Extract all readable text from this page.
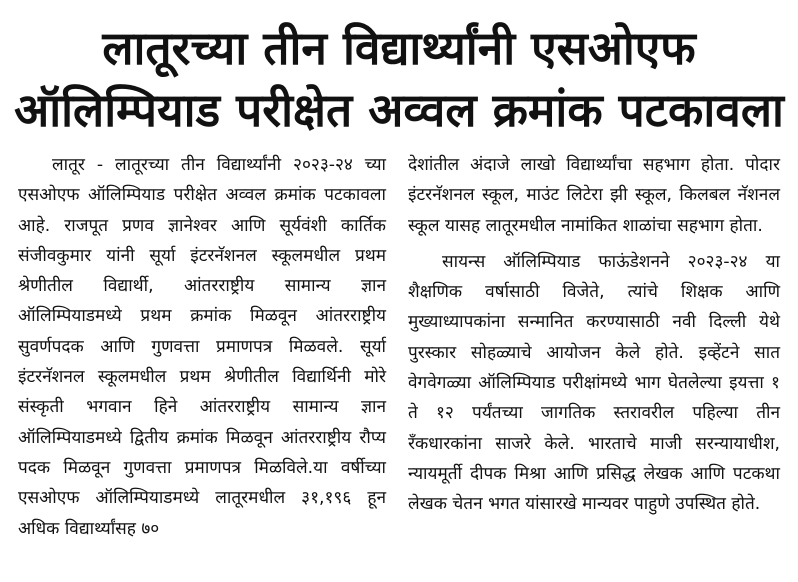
लातूरच्या तीन विद्यार्थ्यांनी एसओएफ
ऑलिम्पियाड परीक्षेत अव्वल क्रमांक पटकावला

लातूर - लातूरच्या तीन विद्यार्थ्यांनी २०२३-२४ च्या एसओएफ ऑलिम्पियाड परीक्षेत अव्वल क्रमांक पटकावला आहे. राजपूत प्रणव ज्ञानेश्वर आणि सूर्यवंशी कार्तिक संजीवकुमार यांनी सूर्या इंटरनॅशनल स्कूलमधील प्रथम श्रेणीतील विद्यार्थी, आंतरराष्ट्रीय सामान्य ज्ञान ऑलिम्पियाडमध्ये प्रथम क्रमांक मिळवून आंतरराष्ट्रीय सुवर्णपदक आणि गुणवत्ता प्रमाणपत्र मिळवले. सूर्या इंटरनॅशनल स्कूलमधील प्रथम श्रेणीतील विद्यार्थिनी मोरे संस्कृती भगवान हिने आंतरराष्ट्रीय सामान्य ज्ञान ऑलिम्पियाडमध्ये द्वितीय क्रमांक मिळवून आंतरराष्ट्रीय रौप्य पदक मिळवून गुणवत्ता प्रमाणपत्र मिळविले.या वर्षीच्या एसओएफ ऑलिम्पियाडमध्ये लातूरमधील ३१,१९६ हून अधिक विद्यार्थ्यांसह ७०

देशांतील अंदाजे लाखो विद्यार्थ्यांचा सहभाग होता. पोदार इंटरनॅशनल स्कूल, माउंट लिटेरा झी स्कूल, किलबल नॅशनल स्कूल यासह लातूरमधील नामांकित शाळांचा सहभाग होता.

सायन्स ऑलिम्पियाड फाऊंडेशनने २०२३-२४ या शैक्षणिक वर्षासाठी विजेते, त्यांचे शिक्षक आणि मुख्याध्यापकांना सन्मानित करण्यासाठी नवी दिल्ली येथे पुरस्कार सोहळ्याचे आयोजन केले होते. इव्हेंटने सात वेगवेगळ्या ऑलिम्पियाड परीक्षांमध्ये भाग घेतलेल्या इयत्ता १ ते १२ पर्यंतच्या जागतिक स्तरावरील पहिल्या तीन रँकधारकांना साजरे केले. भारताचे माजी सरन्यायाधीश, न्यायमूर्ती दीपक मिश्रा आणि प्रसिद्ध लेखक आणि पटकथा लेखक चेतन भगत यांसारखे मान्यवर पाहुणे उपस्थित होते.
